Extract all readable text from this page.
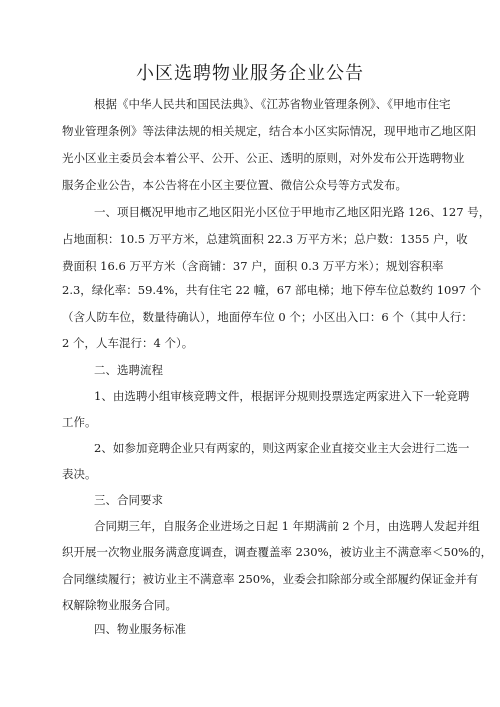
小区选聘物业服务企业公告
根据《中华人民共和国民法典》、《江苏省物业管理条例》、《甲地市住宅
物业管理条例》等法律法规的相关规定，结合本小区实际情况，现甲地市乙地区阳
光小区业主委员会本着公平、公开、公正、透明的原则，对外发布公开选聘物业
服务企业公告，本公告将在小区主要位置、微信公众号等方式发布。
一、项目概况甲地市乙地区阳光小区位于甲地市乙地区阳光路 126、127 号，
占地面积：10.5 万平方米，总建筑面积 22.3 万平方米；总户数：1355 户，收
费面积 16.6 万平方米（含商铺：37 户，面积 0.3 万平方米）；规划容积率
2.3，绿化率：59.4%，共有住宅 22 幢，67 部电梯；地下停车位总数约 1097 个
（含人防车位，数量待确认），地面停车位 0 个；小区出入口：6 个（其中人行：
2 个，人车混行：4 个）。
二、选聘流程
1、由选聘小组审核竞聘文件，根据评分规则投票选定两家进入下一轮竞聘
工作。
2、如参加竞聘企业只有两家的，则这两家企业直接交业主大会进行二选一
表决。
三、合同要求
合同期三年，自服务企业进场之日起 1 年期满前 2 个月，由选聘人发起并组
织开展一次物业服务满意度调查，调查覆盖率 230%，被访业主不满意率＜50%的，
合同继续履行；被访业主不满意率 250%，业委会扣除部分或全部履约保证金并有
权解除物业服务合同。
四、物业服务标准
